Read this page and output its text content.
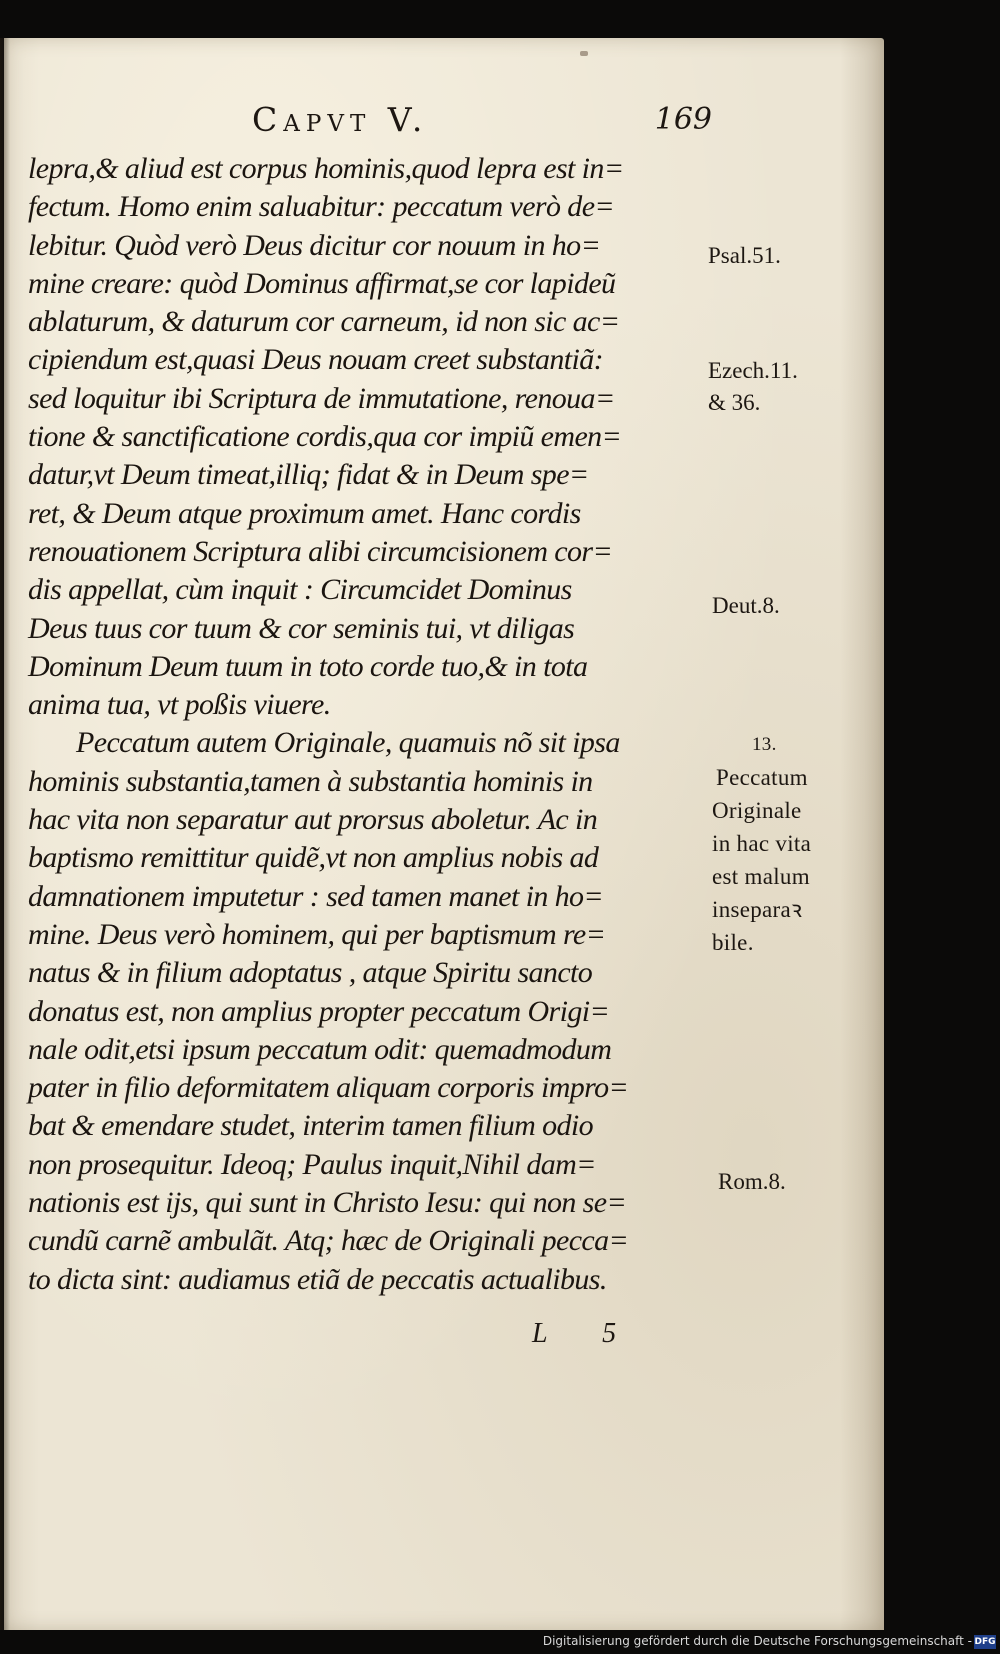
Capvt V.	169
lepra,& aliud est corpus hominis,quod lepra est in=
fectum. Homo enim saluabitur: peccatum verò de=
lebitur. Quòd verò Deus dicitur cor nouum in ho=
mine creare: quòd Dominus affirmat,se cor lapideũ
ablaturum, & daturum cor carneum, id non sic ac=
cipiendum est,quasi Deus nouam creet substantiã:
sed loquitur ibi Scriptura de immutatione, renoua=
tione & sanctificatione cordis,qua cor impiũ emen=
datur,vt Deum timeat,illiq; fidat & in Deum spe=
ret, & Deum atque proximum amet. Hanc cordis
renouationem Scriptura alibi circumcisionem cor=
dis appellat, cùm inquit : Circumcidet Dominus
Deus tuus cor tuum & cor seminis tui, vt diligas
Dominum Deum tuum in toto corde tuo,& in tota
anima tua, vt poßis viuere.
Peccatum autem Originale, quamuis nõ sit ipsa
hominis substantia,tamen à substantia hominis in
hac vita non separatur aut prorsus aboletur. Ac in
baptismo remittitur quidẽ,vt non amplius nobis ad
damnationem imputetur : sed tamen manet in ho=
mine. Deus verò hominem, qui per baptismum re=
natus & in filium adoptatus , atque Spiritu sancto
donatus est, non amplius propter peccatum Origi=
nale odit,etsi ipsum peccatum odit: quemadmodum
pater in filio deformitatem aliquam corporis impro=
bat & emendare studet, interim tamen filium odio
non prosequitur. Ideoq; Paulus inquit,Nihil dam=
nationis est ijs, qui sunt in Christo Iesu: qui non se=
cundũ carnẽ ambulãt. Atq; hæc de Originali pecca=
to dicta sint: audiamus etiã de peccatis actualibus.
Psal.51.
Ezech.11.
& 36.
Deut.8.
13.
Peccatum
Originale
in hac vita
est malum
inseparaꝛ
bile.
Rom.8.
L 5
Digitalisierung gefördert durch die Deutsche Forschungsgemeinschaft - DFG
